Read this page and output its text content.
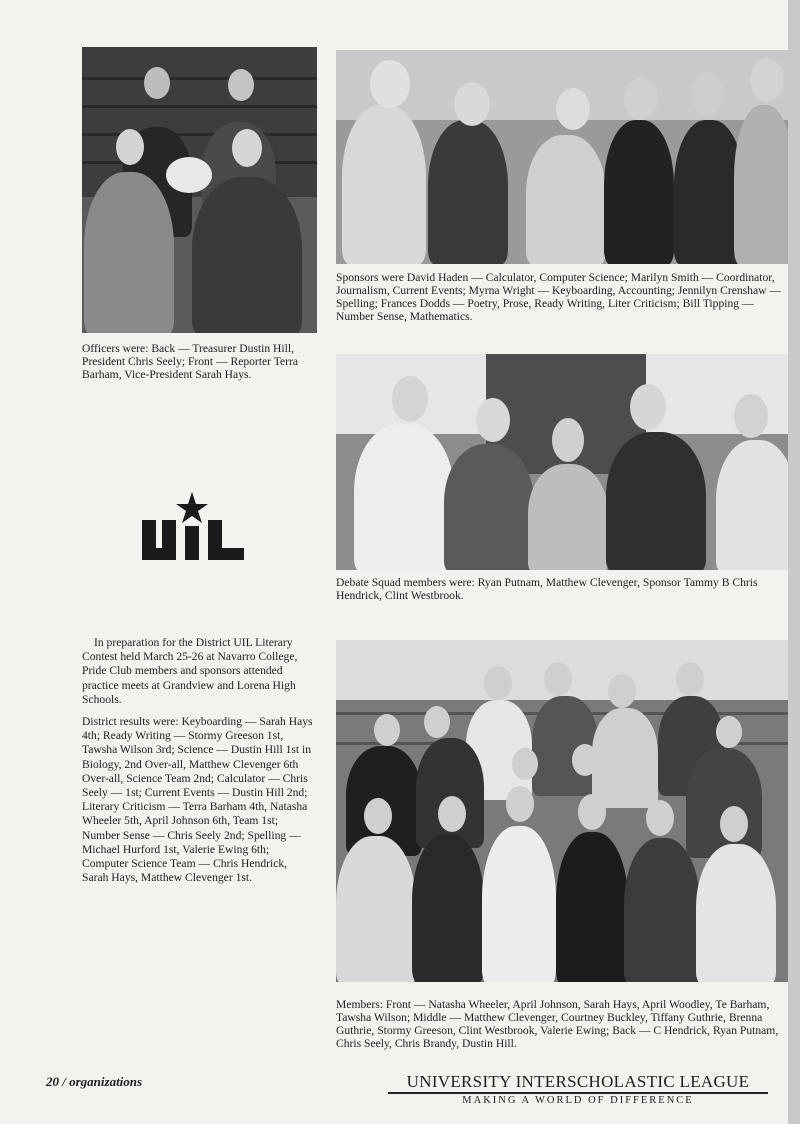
Sponsors were David Haden — Calculator, Computer Science; Marilyn Smith — Coordinator, Journalism, Current Events; Myrna Wright — Keyboarding, Accounting; Jennilyn Crenshaw — Spelling; Frances Dodds — Poetry, Prose, Ready Writing, Liter Criticism; Bill Tipping — Number Sense, Mathematics.
Officers were: Back — Treasurer Dustin Hill, President Chris Seely; Front — Reporter Terra Barham, Vice-President Sarah Hays.
Debate Squad members were: Ryan Putnam, Matthew Clevenger, Sponsor Tammy B Chris Hendrick, Clint Westbrook.

In preparation for the District UIL Literary Contest held March 25-26 at Navarro College, Pride Club members and sponsors attended practice meets at Grandview and Lorena High Schools.

District results were: Keyboarding — Sarah Hays 4th; Ready Writing — Stormy Greeson 1st, Tawsha Wilson 3rd; Science — Dustin Hill 1st in Biology, 2nd Over-all, Matthew Clevenger 6th Over-all, Science Team 2nd; Calculator — Chris Seely — 1st; Current Events — Dustin Hill 2nd; Literary Criticism — Terra Barham 4th, Natasha Wheeler 5th, April Johnson 6th, Team 1st; Number Sense — Chris Seely 2nd; Spelling — Michael Hurford 1st, Valerie Ewing 6th; Computer Science Team — Chris Hendrick, Sarah Hays, Matthew Clevenger 1st.

Members: Front — Natasha Wheeler, April Johnson, Sarah Hays, April Woodley, Te Barham, Tawsha Wilson; Middle — Matthew Clevenger, Courtney Buckley, Tiffany Guthrie, Brenna Guthrie, Stormy Greeson, Clint Westbrook, Valerie Ewing; Back — C Hendrick, Ryan Putnam, Chris Seely, Chris Brandy, Dustin Hill.
20 / organizations	UNIVERSITY INTERSCHOLASTIC LEAGUE
MAKING A WORLD OF DIFFERENCE
